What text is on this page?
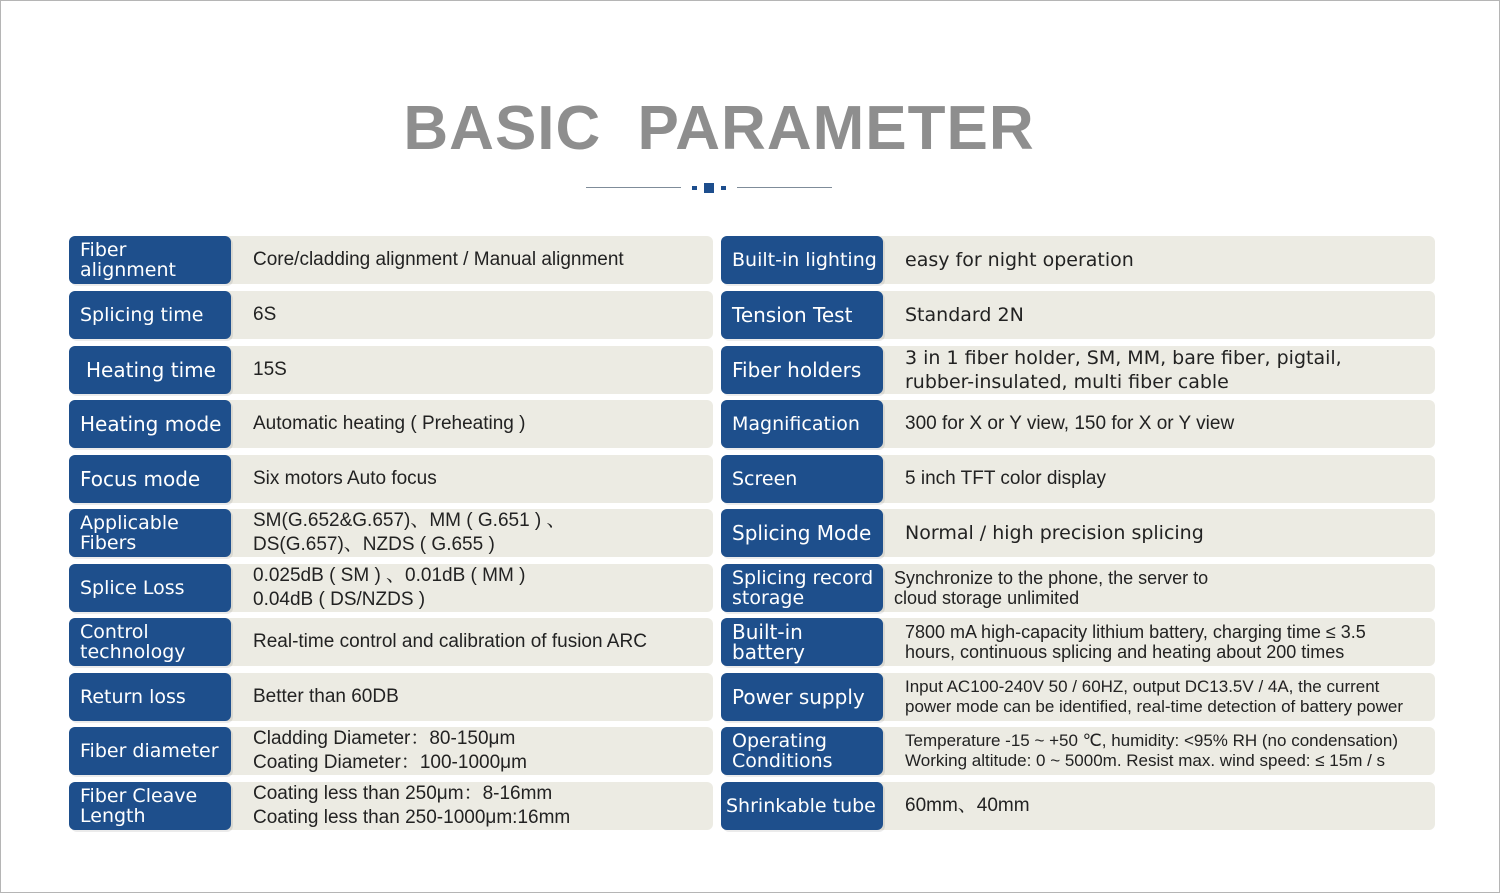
BASIC PARAMETER
Core/cladding alignment / Manual alignment
Fiber alignment
6S
Splicing time
15S
Heating time
Automatic heating ( Preheating )
Heating mode
Six motors Auto focus
Focus mode
SM(G.652&G.657)、MM ( G.651 ) 、
DS(G.657)、NZDS ( G.655 )
Applicable Fibers
0.025dB ( SM ) 、0.01dB ( MM )
0.04dB ( DS/NZDS )
Splice Loss
Real-time control and calibration of fusion ARC
Control technology
Better than 60DB
Return loss
Cladding Diameter：80-150μm
Coating Diameter：100-1000μm
Fiber diameter
Coating less than 250μm：8-16mm
Coating less than 250-1000μm:16mm
Fiber Cleave Length
easy for night operation
Built-in lighting
Standard 2N
Tension Test
3 in 1 fiber holder, SM, MM, bare fiber, pigtail,
rubber-insulated, multi fiber cable
Fiber holders
300 for X or Y view, 150 for X or Y view
Magnification
5 inch TFT color display
Screen
Normal / high precision splicing
Splicing Mode
Synchronize to the phone, the server to
cloud storage unlimited
Splicing record storage
7800 mA high-capacity lithium battery, charging time ≤ 3.5
hours, continuous splicing and heating about 200 times
Built-in battery
Input AC100-240V 50 / 60HZ, output DC13.5V / 4A, the current
power mode can be identified, real-time detection of battery power
Power supply
Temperature -15 ~ +50 ℃, humidity: <95% RH (no condensation)
Working altitude: 0 ~ 5000m. Resist max. wind speed: ≤ 15m / s
Operating Conditions
60mm、40mm
Shrinkable tube
